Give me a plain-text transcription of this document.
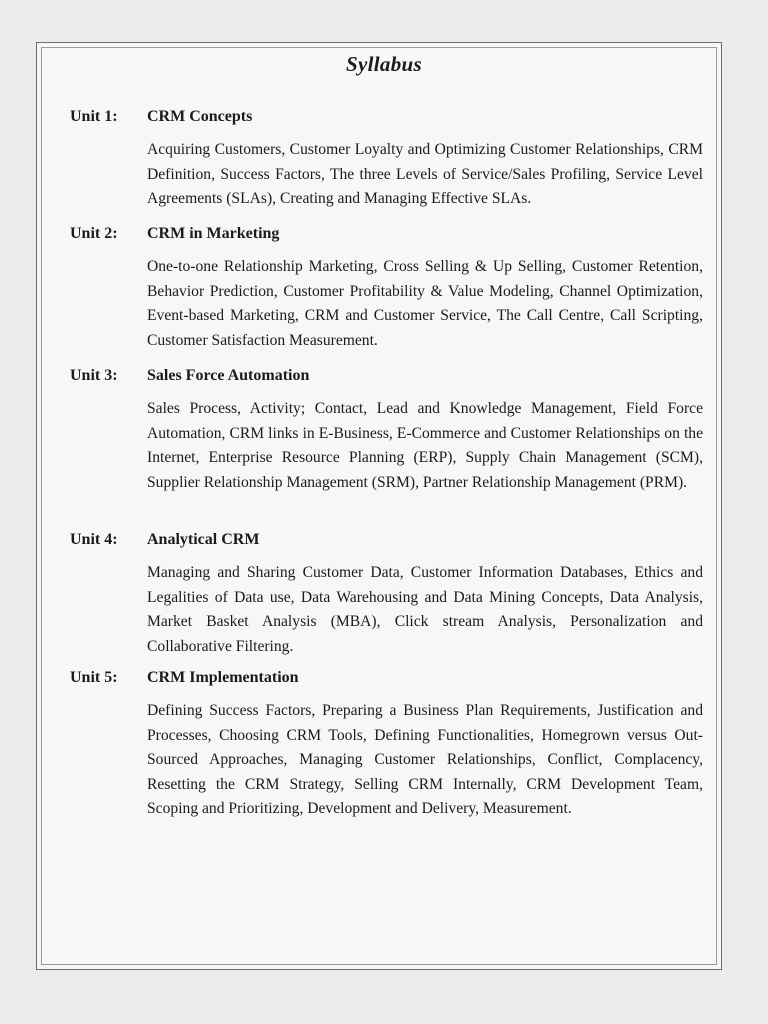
Syllabus
Unit 1: CRM Concepts
Acquiring Customers, Customer Loyalty and Optimizing Customer Relationships, CRM Definition, Success Factors, The three Levels of Service/Sales Profiling, Service Level Agreements (SLAs), Creating and Managing Effective SLAs.
Unit 2: CRM in Marketing
One-to-one Relationship Marketing, Cross Selling & Up Selling, Customer Retention, Behavior Prediction, Customer Profitability & Value Modeling, Channel Optimization, Event-based Marketing, CRM and Customer Service, The Call Centre, Call Scripting, Customer Satisfaction Measurement.
Unit 3: Sales Force Automation
Sales Process, Activity; Contact, Lead and Knowledge Management, Field Force Automation, CRM links in E-Business, E-Commerce and Customer Relationships on the Internet, Enterprise Resource Planning (ERP), Supply Chain Management (SCM), Supplier Relationship Management (SRM), Partner Relationship Management (PRM).
Unit 4: Analytical CRM
Managing and Sharing Customer Data, Customer Information Databases, Ethics and Legalities of Data use, Data Warehousing and Data Mining Concepts, Data Analysis, Market Basket Analysis (MBA), Click stream Analysis, Personalization and Collaborative Filtering.
Unit 5: CRM Implementation
Defining Success Factors, Preparing a Business Plan Requirements, Justification and Processes, Choosing CRM Tools, Defining Functionalities, Homegrown versus Out-Sourced Approaches, Managing Customer Relationships, Conflict, Complacency, Resetting the CRM Strategy, Selling CRM Internally, CRM Development Team, Scoping and Prioritizing, Development and Delivery, Measurement.
